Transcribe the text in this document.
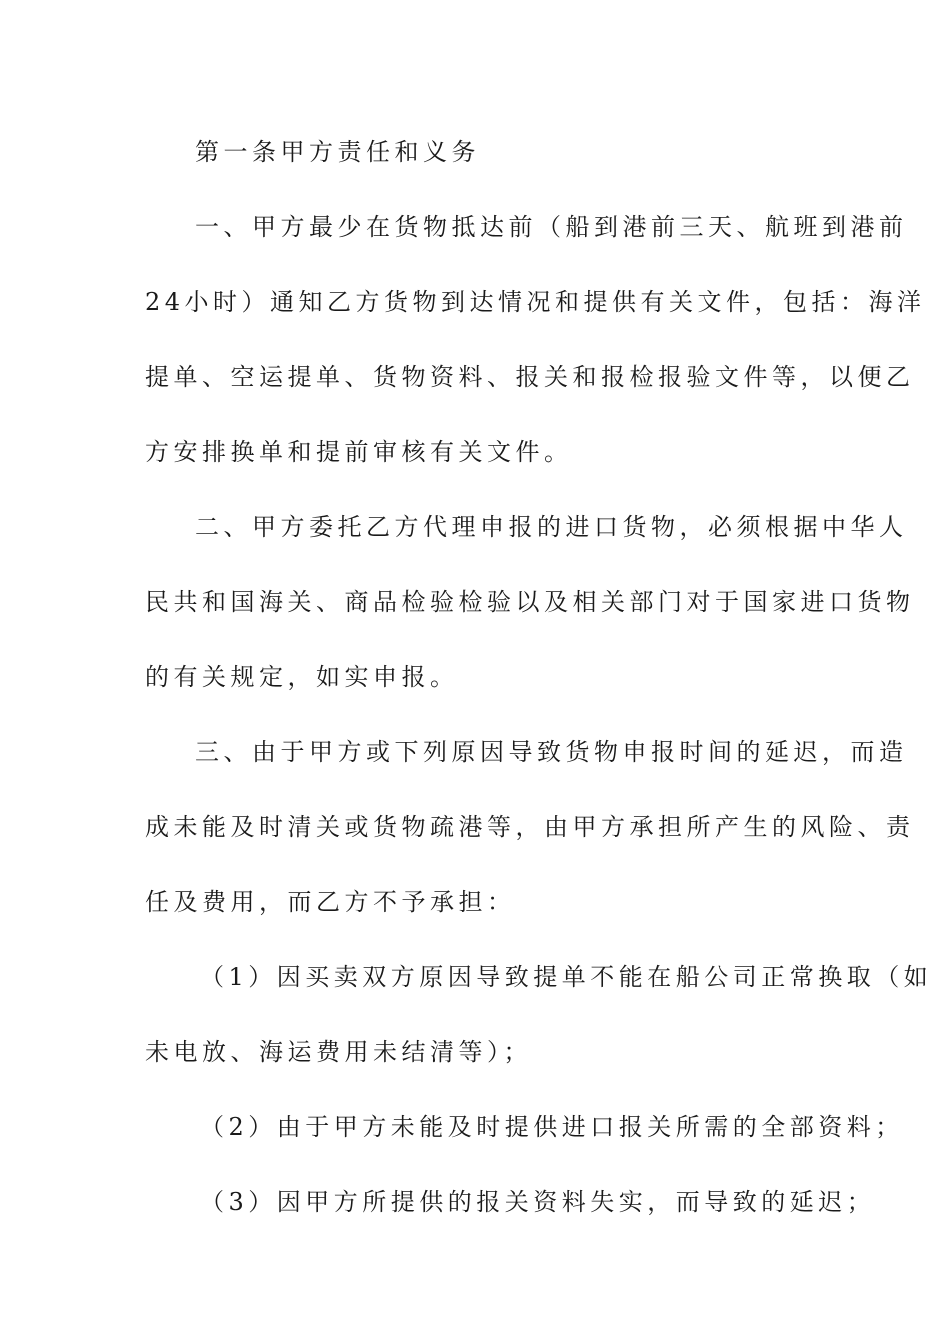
第一条甲方责任和义务
一、甲方最少在货物抵达前（船到港前三天、航班到港前
24小时）通知乙方货物到达情况和提供有关文件，包括：海洋
提单、空运提单、货物资料、报关和报检报验文件等，以便乙
方安排换单和提前审核有关文件。
二、甲方委托乙方代理申报的进口货物，必须根据中华人
民共和国海关、商品检验检验以及相关部门对于国家进口货物
的有关规定，如实申报。
三、由于甲方或下列原因导致货物申报时间的延迟，而造
成未能及时清关或货物疏港等，由甲方承担所产生的风险、责
任及费用，而乙方不予承担：
（1）因买卖双方原因导致提单不能在船公司正常换取（如
未电放、海运费用未结清等）；
（2）由于甲方未能及时提供进口报关所需的全部资料；
（3）因甲方所提供的报关资料失实，而导致的延迟；
